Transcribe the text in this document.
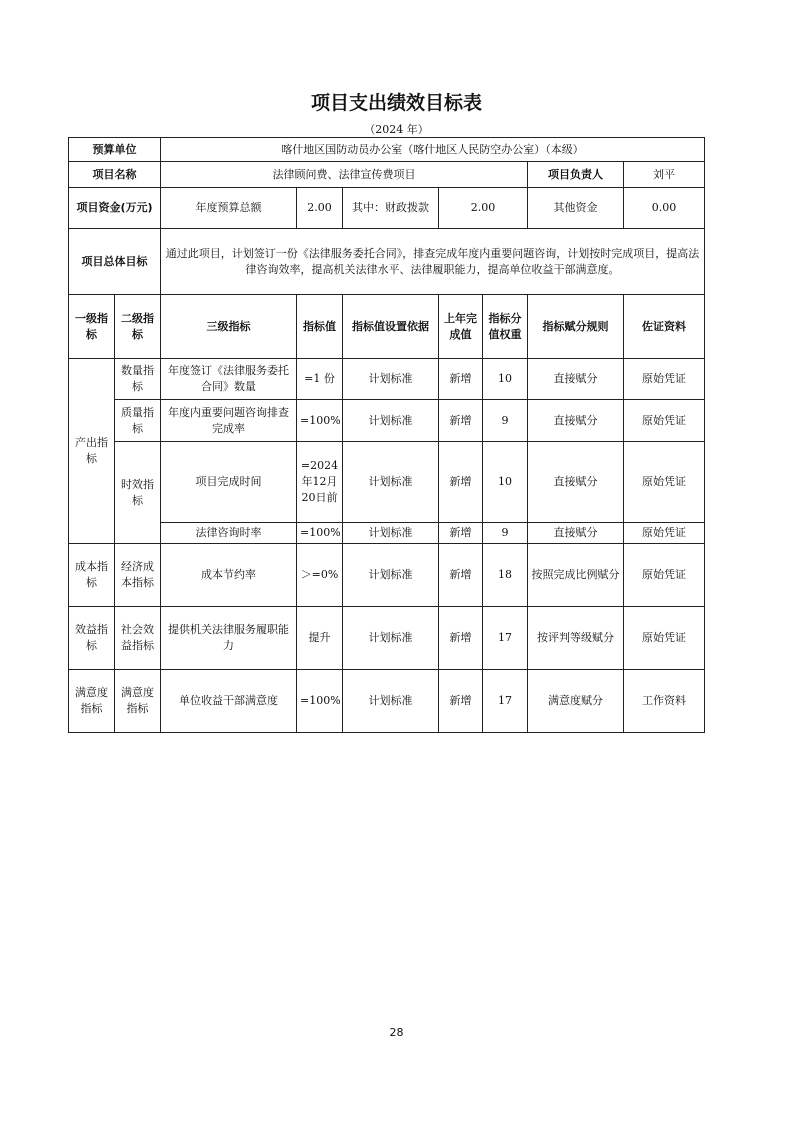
项目支出绩效目标表
（2024 年）
预算单位		喀什地区国防动员办公室（喀什地区人民防空办公室）（本级）						
项目名称		法律顾问费、法律宣传费项目					项目负责人	刘平
项目资金(万元)		年度预算总额	2.00	其中：财政拨款	2.00		其他资金	0.00
项目总体目标		通过此项目，计划签订一份《法律服务委托合同》，排查完成年度内重要问题咨询，计划按时完成项目，提高法律咨询效率，提高机关法律水平、法律履职能力，提高单位收益干部满意度。						
一级指标	二级指标	三级指标	指标值	指标值设置依据	上年完成值	指标分值权重	指标赋分规则	佐证资料
产出指标	数量指标	年度签订《法律服务委托合同》数量	=1 份	计划标准	新增	10	直接赋分	原始凭证
	质量指标	年度内重要问题咨询排查完成率	=100%	计划标准	新增	9	直接赋分	原始凭证
	时效指标	项目完成时间	=2024年12月20日前	计划标准	新增	10	直接赋分	原始凭证
		法律咨询时率	=100%	计划标准	新增	9	直接赋分	原始凭证
成本指标	经济成本指标	成本节约率	＞=0%	计划标准	新增	18	按照完成比例赋分	原始凭证
效益指标	社会效益指标	提供机关法律服务履职能力	提升	计划标准	新增	17	按评判等级赋分	原始凭证
满意度指标	满意度指标	单位收益干部满意度	=100%	计划标准	新增	17	满意度赋分	工作资料
28
